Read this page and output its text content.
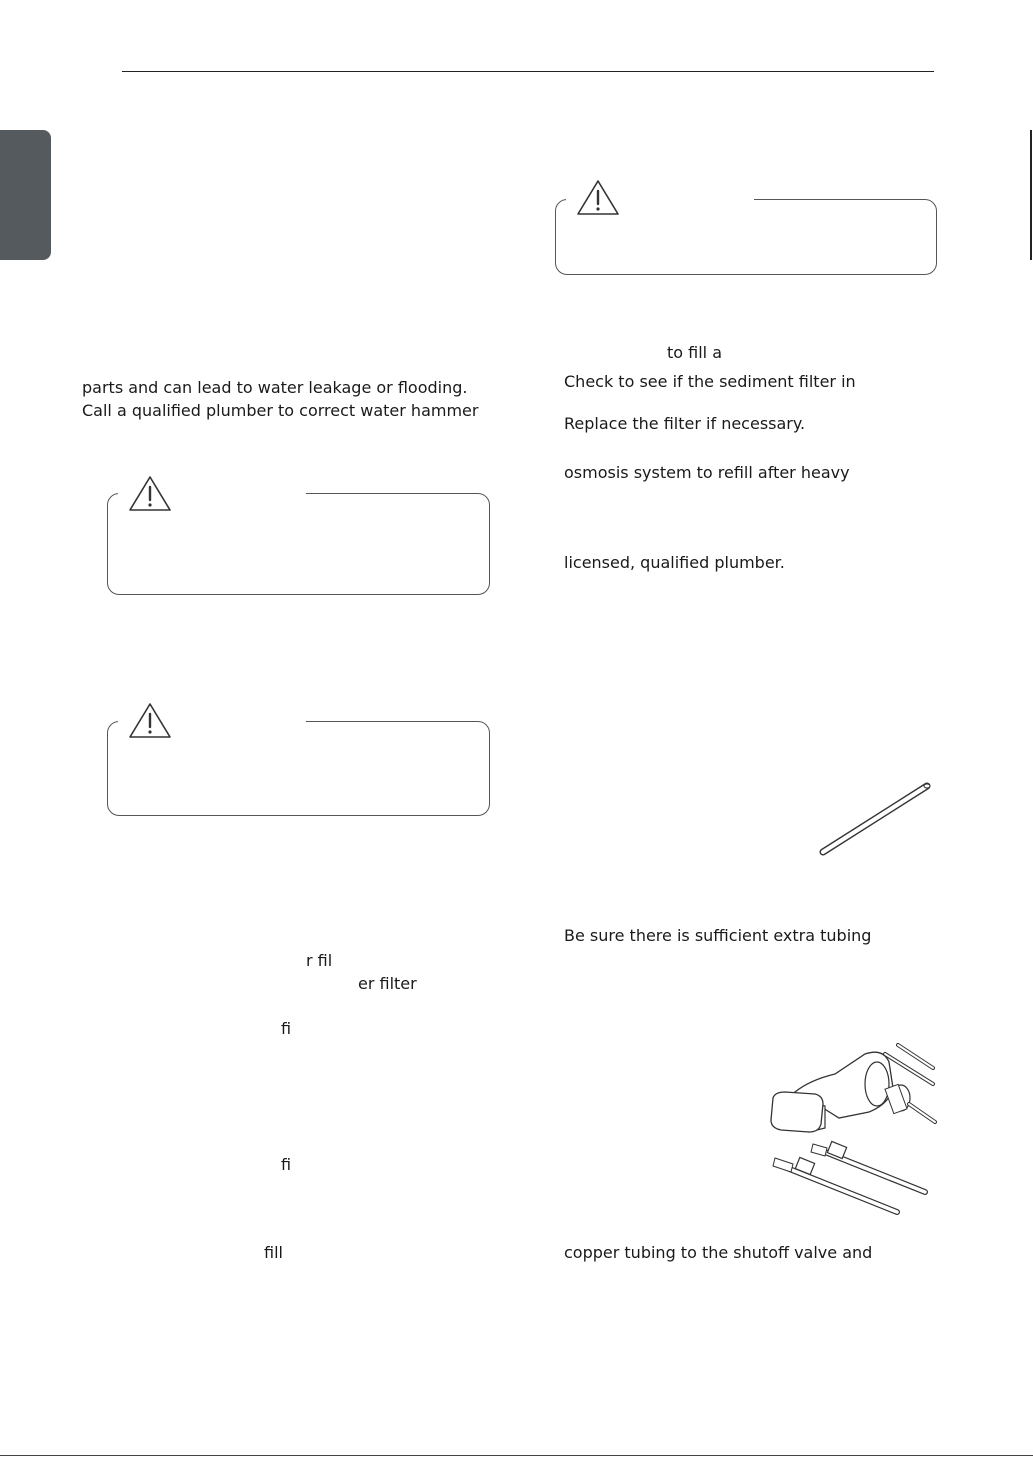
parts and can lead to water leakage or flooding.
Call a qualified plumber to correct water hammer
r fil
er filter
fi
fi
fill
to fill a
Check to see if the sediment filter in
Replace the filter if necessary.
osmosis system to refill after heavy
licensed, qualified plumber.
Be sure there is sufficient extra tubing
copper tubing to the shutoff valve and
